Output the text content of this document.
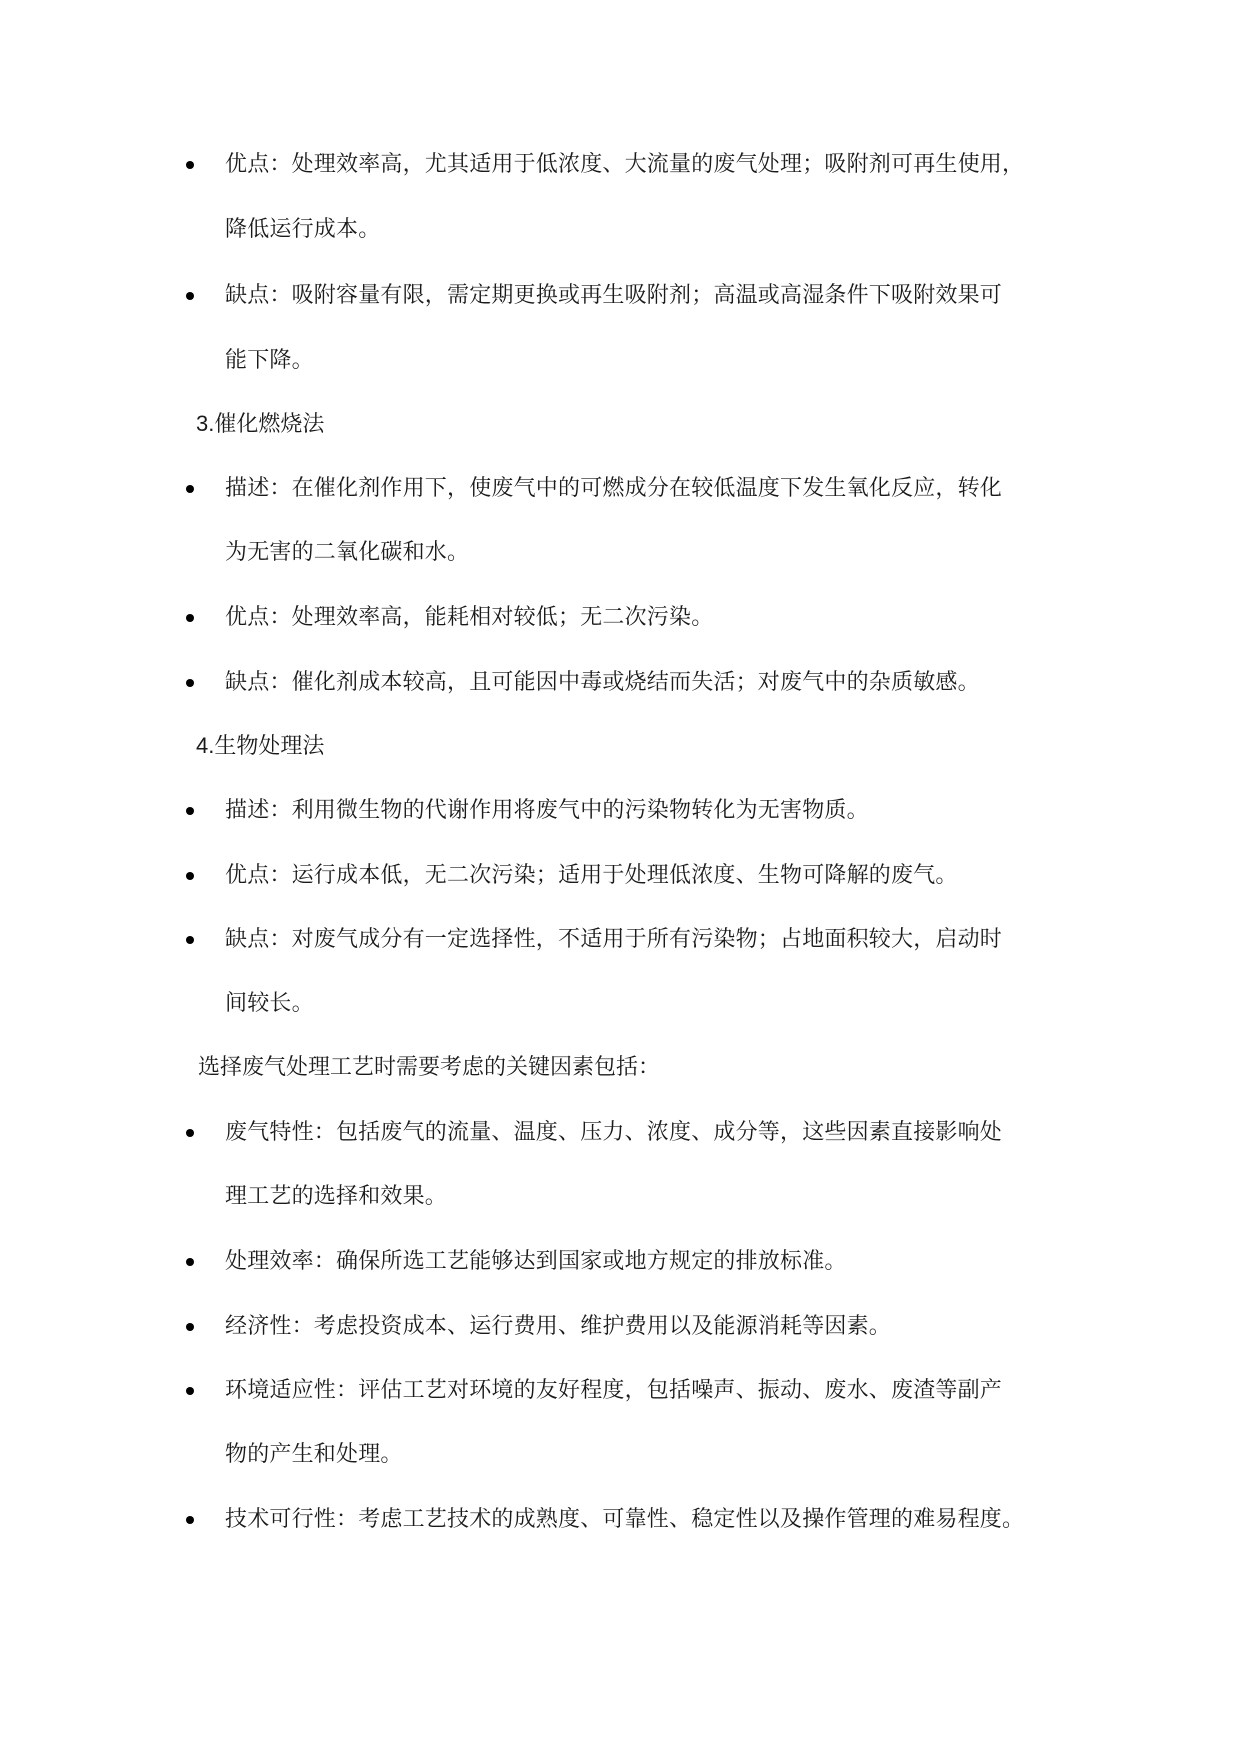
优点：处理效率高，尤其适用于低浓度、大流量的废气处理；吸附剂可再生使用，
降低运行成本。
缺点：吸附容量有限，需定期更换或再生吸附剂；高温或高湿条件下吸附效果可
能下降。
3.催化燃烧法
描述：在催化剂作用下，使废气中的可燃成分在较低温度下发生氧化反应，转化
为无害的二氧化碳和水。
优点：处理效率高，能耗相对较低；无二次污染。
缺点：催化剂成本较高，且可能因中毒或烧结而失活；对废气中的杂质敏感。
4.生物处理法
描述：利用微生物的代谢作用将废气中的污染物转化为无害物质。
优点：运行成本低，无二次污染；适用于处理低浓度、生物可降解的废气。
缺点：对废气成分有一定选择性，不适用于所有污染物；占地面积较大，启动时
间较长。
选择废气处理工艺时需要考虑的关键因素包括：
废气特性：包括废气的流量、温度、压力、浓度、成分等，这些因素直接影响处
理工艺的选择和效果。
处理效率：确保所选工艺能够达到国家或地方规定的排放标准。
经济性：考虑投资成本、运行费用、维护费用以及能源消耗等因素。
环境适应性：评估工艺对环境的友好程度，包括噪声、振动、废水、废渣等副产
物的产生和处理。
技术可行性：考虑工艺技术的成熟度、可靠性、稳定性以及操作管理的难易程度。
